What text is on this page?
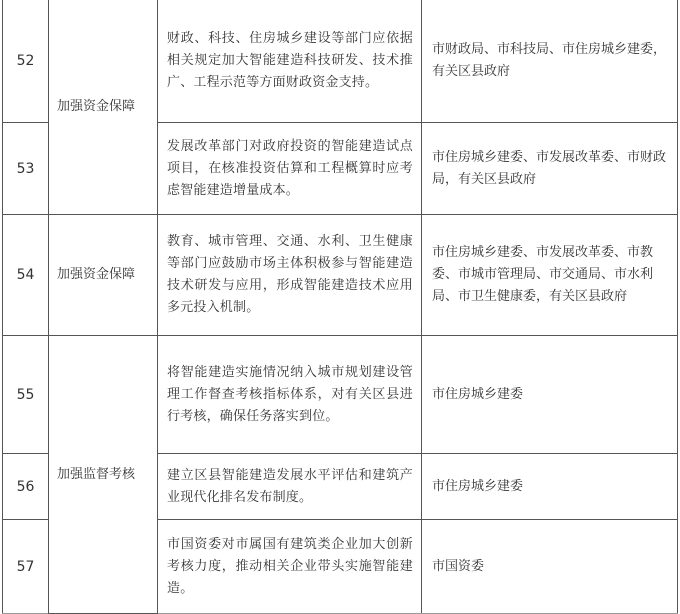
52	加强资金保障	财政、科技、住房城乡建设等部门应依据相关规定加大智能建造科技研发、技术推广、工程示范等方面财政资金支持。	市财政局、市科技局、市住房城乡建委，有关区县政府
53		发展改革部门对政府投资的智能建造试点项目，在核准投资估算和工程概算时应考虑智能建造增量成本。	市住房城乡建委、市发展改革委、市财政局，有关区县政府
54	加强资金保障	教育、城市管理、交通、水利、卫生健康等部门应鼓励市场主体积极参与智能建造技术研发与应用，形成智能建造技术应用多元投入机制。	市住房城乡建委、市发展改革委、市教委、市城市管理局、市交通局、市水利局、市卫生健康委，有关区县政府
55	加强监督考核	将智能建造实施情况纳入城市规划建设管理工作督查考核指标体系，对有关区县进行考核，确保任务落实到位。	市住房城乡建委
56		建立区县智能建造发展水平评估和建筑产业现代化排名发布制度。	市住房城乡建委
57		市国资委对市属国有建筑类企业加大创新考核力度，推动相关企业带头实施智能建造。	市国资委
